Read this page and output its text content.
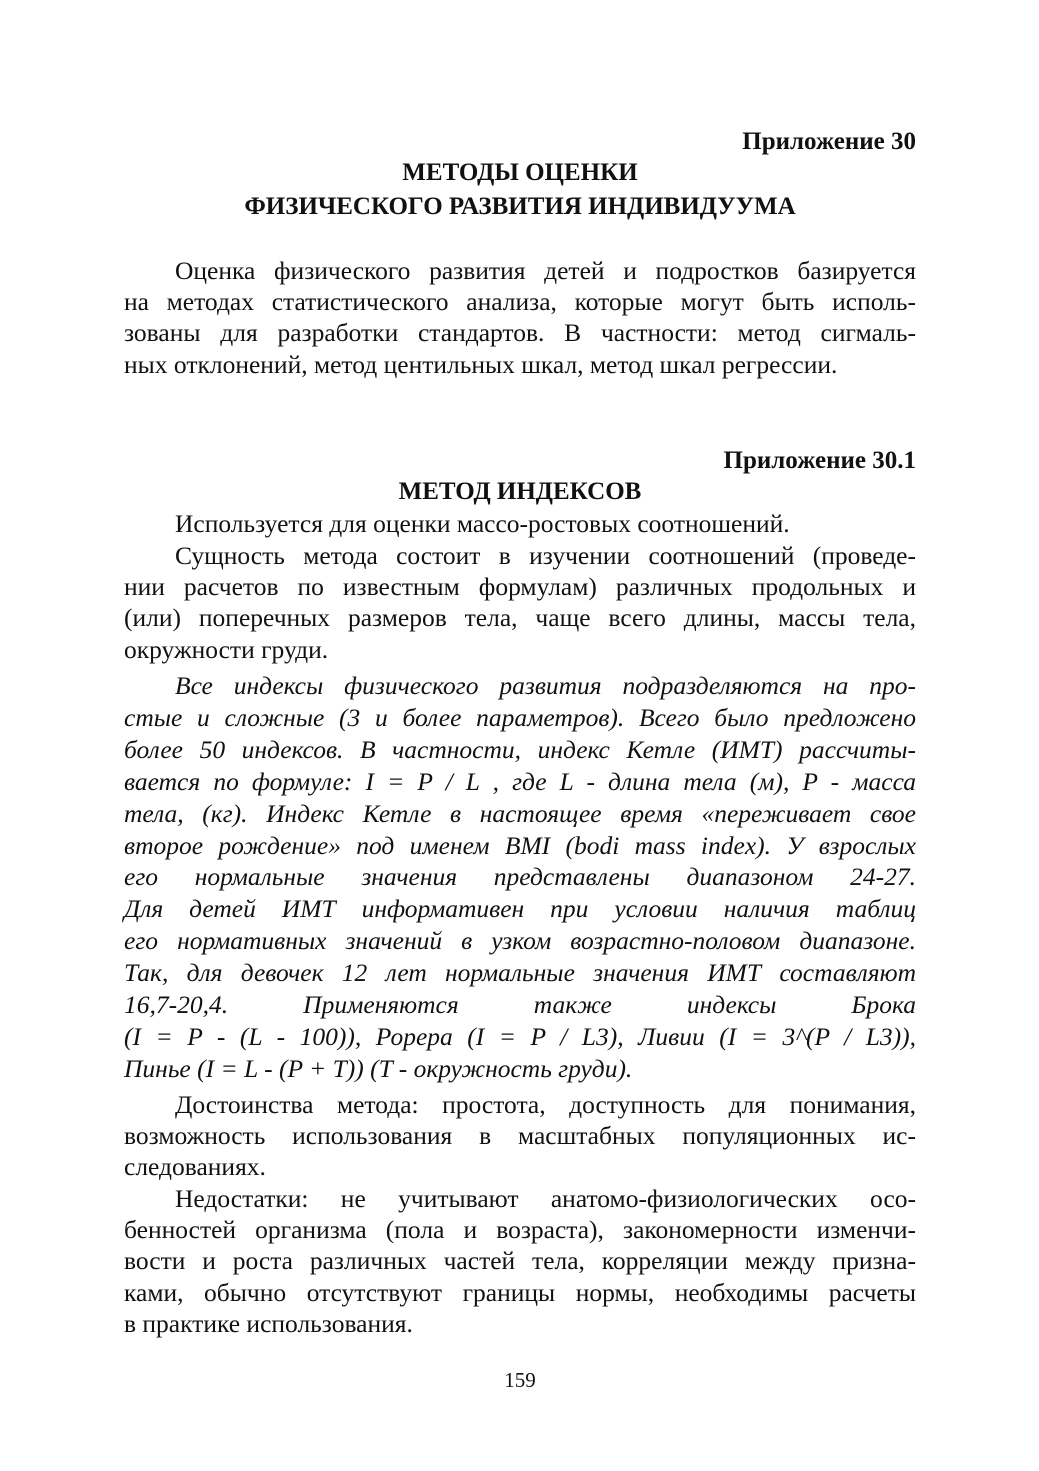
Приложение 30
МЕТОДЫ ОЦЕНКИ
ФИЗИЧЕСКОГО РАЗВИТИЯ ИНДИВИДУУМА
Оценка физического развития детей и подростков базируется
на методах статистического анализа, которые могут быть исполь-
зованы для разработки стандартов. В частности: метод сигмаль-
ных отклонений, метод центильных шкал, метод шкал регрессии.
Приложение 30.1
МЕТОД ИНДЕКСОВ
Используется для оценки массо-ростовых соотношений.
Сущность метода состоит в изучении соотношений (проведе-
нии расчетов по известным формулам) различных продольных и
(или) поперечных размеров тела, чаще всего длины, массы тела,
окружности груди.
Все индексы физического развития подразделяются на про-
стые и сложные (3 и более параметров). Всего было предложено
более 50 индексов. В частности, индекс Кетле (ИМТ) рассчиты-
вается по формуле: I = P / L , где L - длина тела (м), P - масса
тела, (кг). Индекс Кетле в настоящее время «переживает свое
второе рождение» под именем BMI (bodi mass index). У взрослых
его нормальные значения представлены диапазоном 24-27.
Для детей ИМТ информативен при условии наличия таблиц
его нормативных значений в узком возрастно-половом диапазоне.
Так, для девочек 12 лет нормальные значения ИМТ составляют
16,7-20,4. Применяются также индексы Брока
(I = P - (L - 100)), Рорера (I = P / L3), Ливии (I = 3^(P / L3)),
Пинье (I = L - (P + T)) (T - окружность груди).
Достоинства метода: простота, доступность для понимания,
возможность использования в масштабных популяционных ис-
следованиях.
Недостатки: не учитывают анатомо-физиологических осо-
бенностей организма (пола и возраста), закономерности изменчи-
вости и роста различных частей тела, корреляции между призна-
ками, обычно отсутствуют границы нормы, необходимы расчеты
в практике использования.
159
